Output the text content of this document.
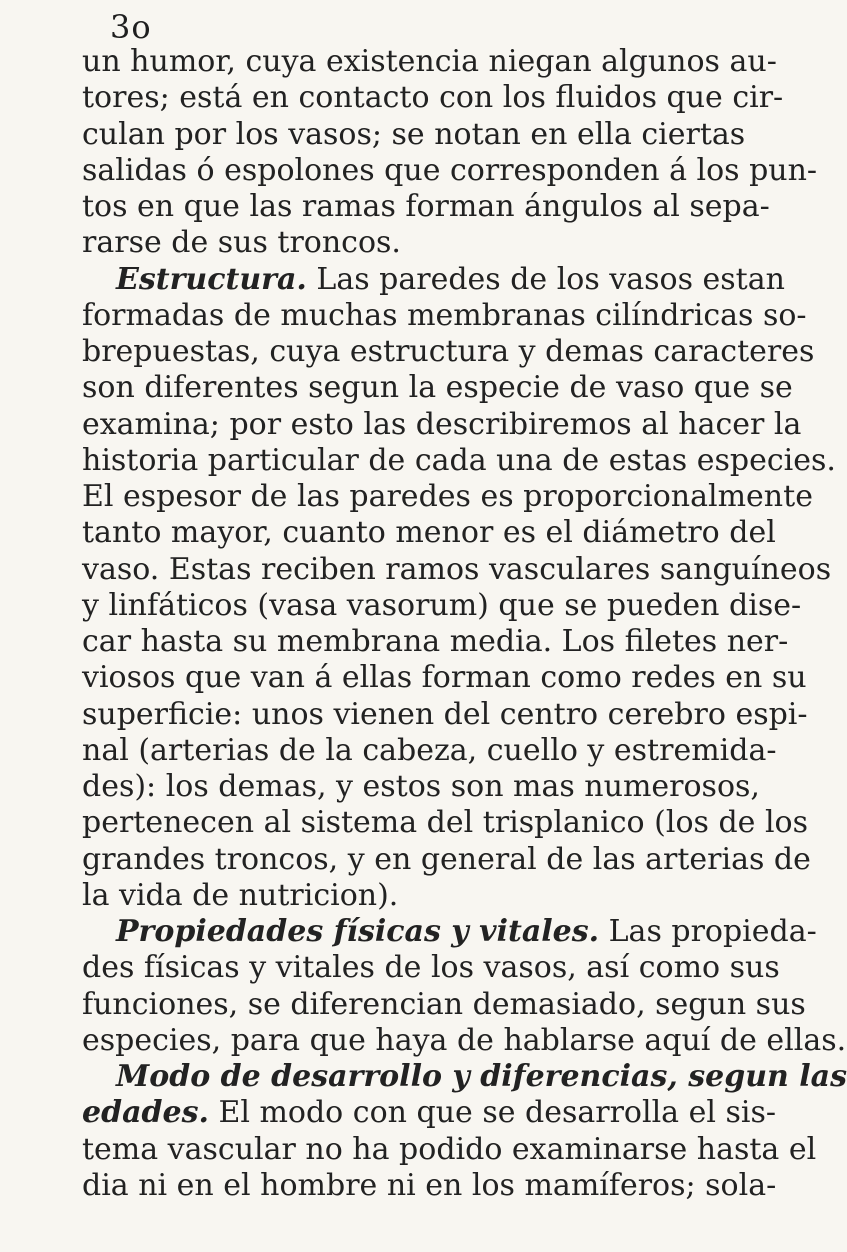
3o
un humor, cuya existencia niegan algunos au-
tores; está en contacto con los fluidos que cir-
culan por los vasos; se notan en ella ciertas
salidas ó espolones que corresponden á los pun-
tos en que las ramas forman ángulos al sepa-
rarse de sus troncos.
Estructura. Las paredes de los vasos estan
formadas de muchas membranas cilíndricas so-
brepuestas, cuya estructura y demas caracteres
son diferentes segun la especie de vaso que se
examina; por esto las describiremos al hacer la
historia particular de cada una de estas especies.
El espesor de las paredes es proporcionalmente
tanto mayor, cuanto menor es el diámetro del
vaso. Estas reciben ramos vasculares sanguíneos
y linfáticos (vasa vasorum) que se pueden dise-
car hasta su membrana media. Los filetes ner-
viosos que van á ellas forman como redes en su
superficie: unos vienen del centro cerebro espi-
nal (arterias de la cabeza, cuello y estremida-
des): los demas, y estos son mas numerosos,
pertenecen al sistema del trisplanico (los de los
grandes troncos, y en general de las arterias de
la vida de nutricion).
Propiedades físicas y vitales. Las propieda-
des físicas y vitales de los vasos, así como sus
funciones, se diferencian demasiado, segun sus
especies, para que haya de hablarse aquí de ellas.
Modo de desarrollo y diferencias, segun las
edades. El modo con que se desarrolla el sis-
tema vascular no ha podido examinarse hasta el
dia ni en el hombre ni en los mamíferos; sola-
